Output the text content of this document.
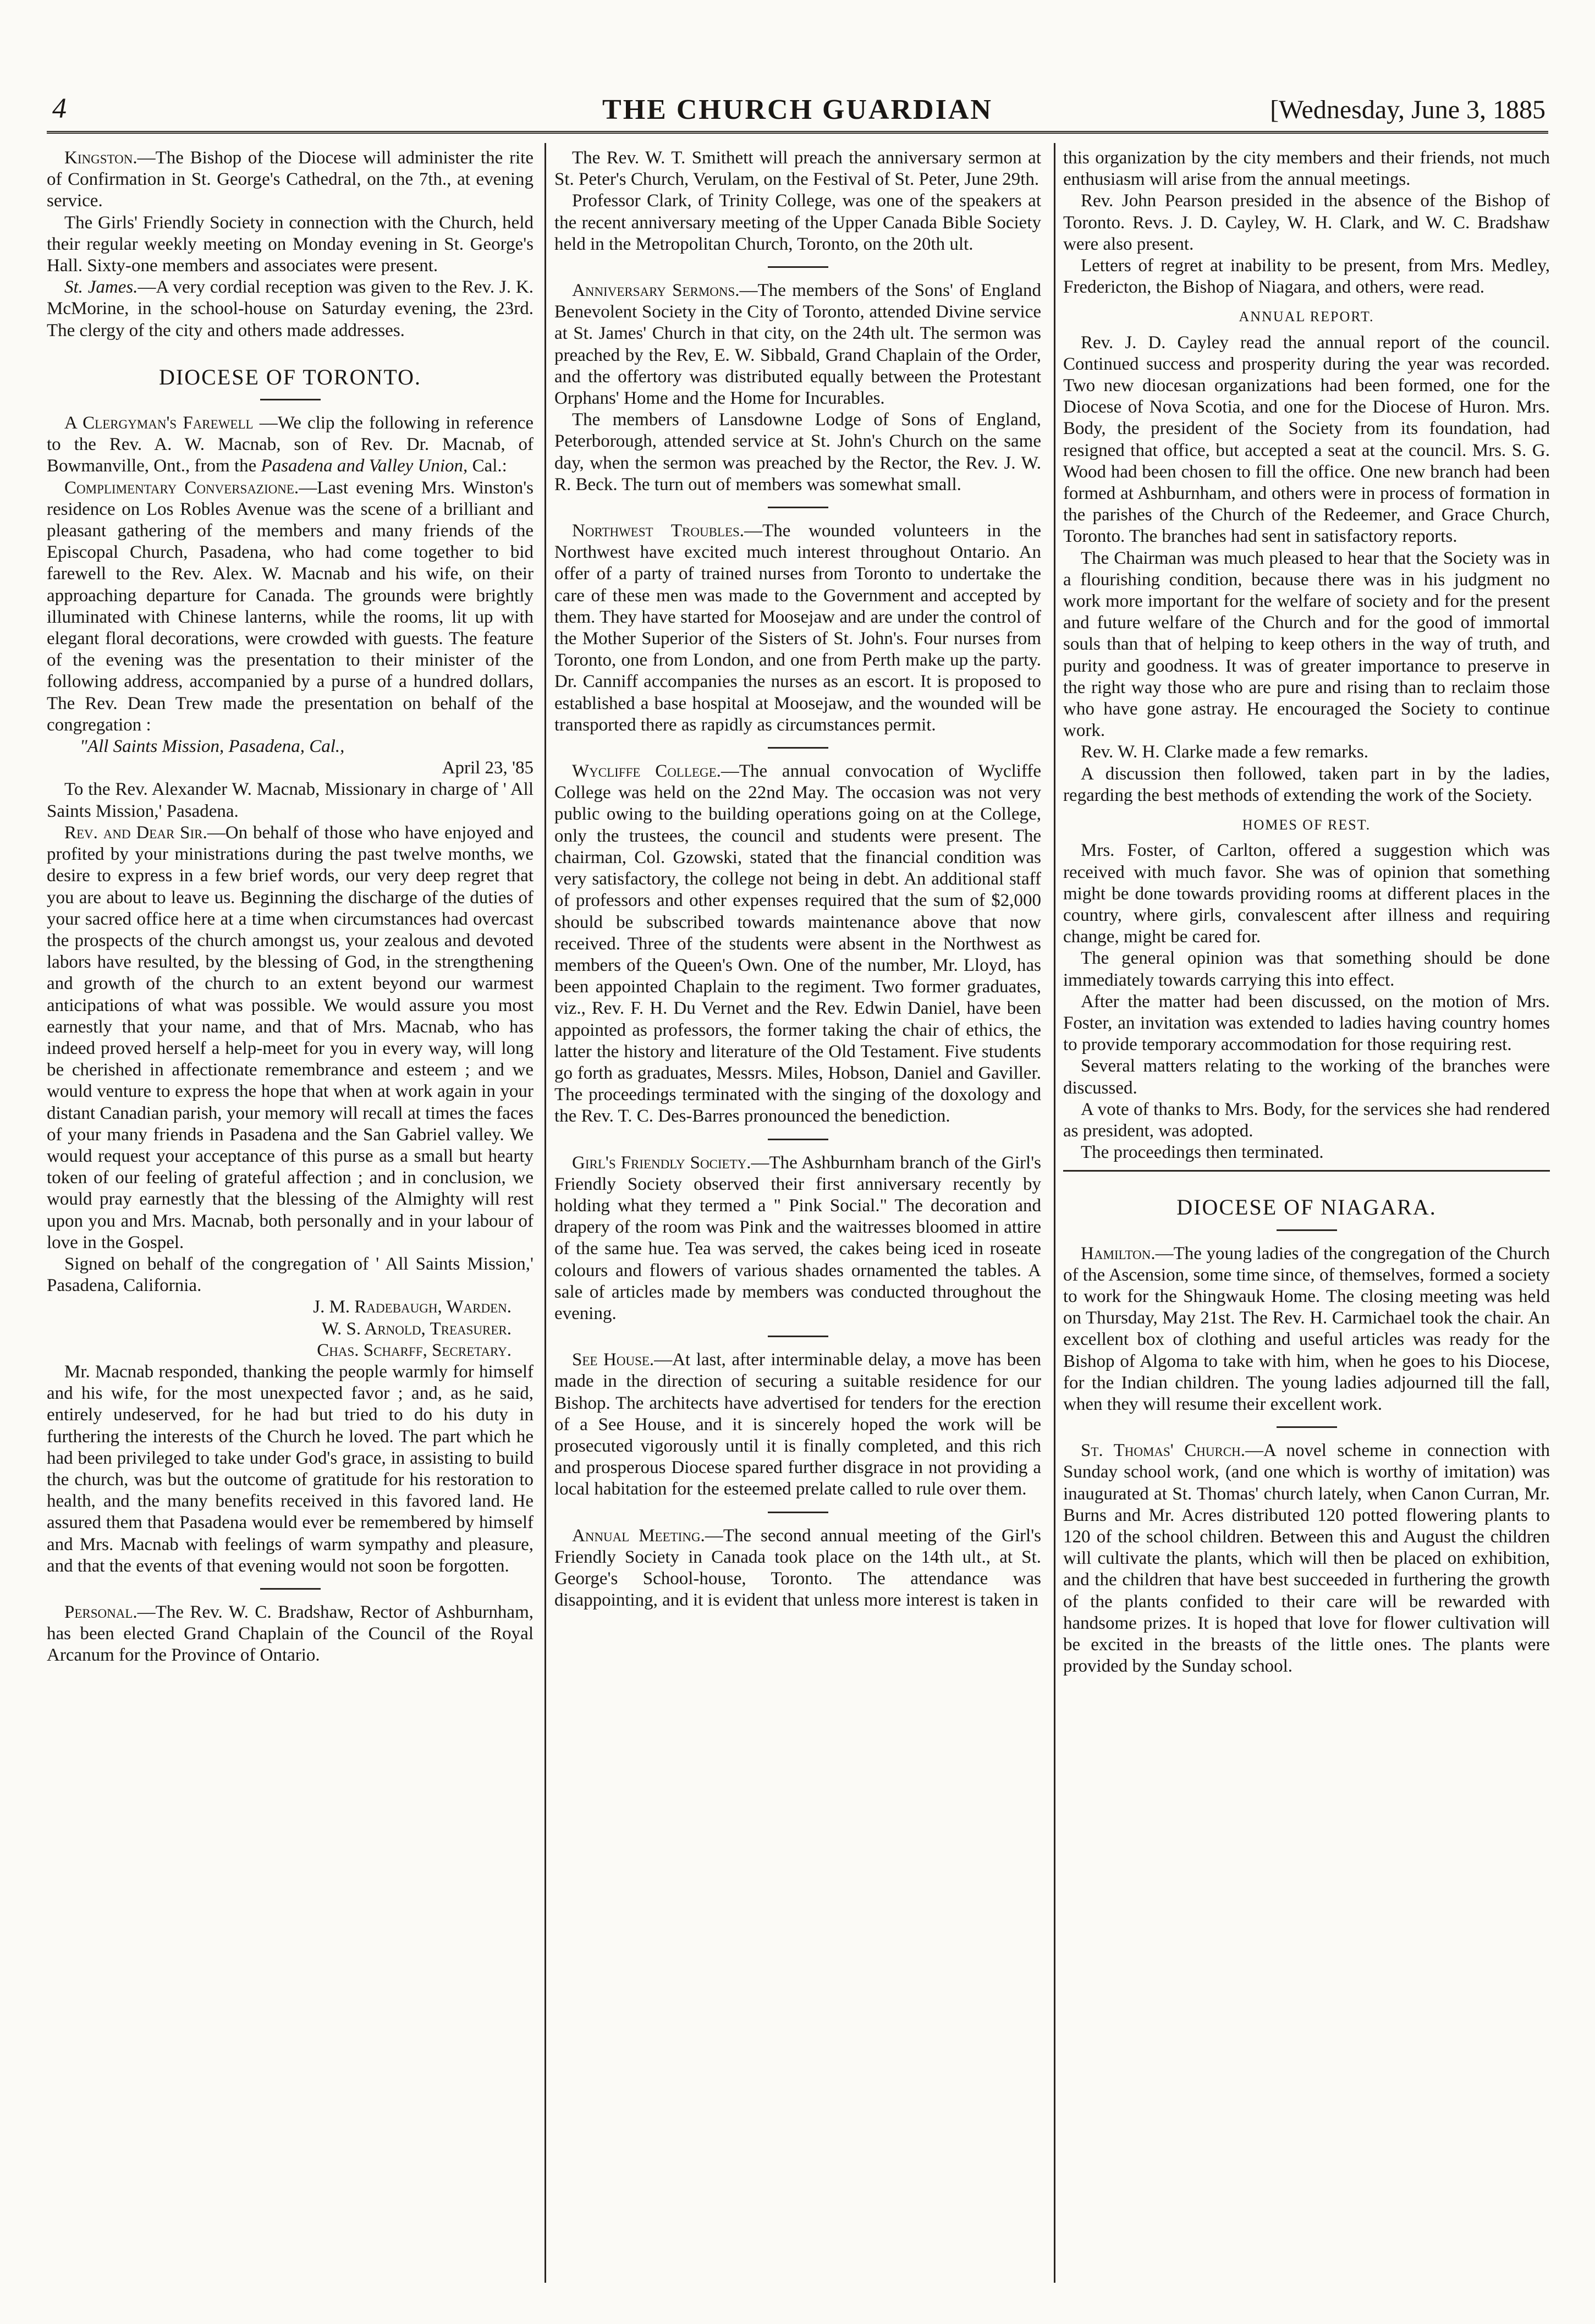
4	THE CHURCH GUARDIAN	[Wednesday, June 3, 1885

Kingston.—The Bishop of the Diocese will administer the rite of Confirmation in St. George's Cathedral, on the 7th., at evening service.

The Girls' Friendly Society in connection with the Church, held their regular weekly meeting on Monday evening in St. George's Hall. Sixty-one members and associates were present.

St. James.—A very cordial reception was given to the Rev. J. K. McMorine, in the school-house on Saturday evening, the 23rd. The clergy of the city and others made addresses.

DIOCESE OF TORONTO.

A Clergyman's Farewell —We clip the following in reference to the Rev. A. W. Macnab, son of Rev. Dr. Macnab, of Bowmanville, Ont., from the Pasadena and Valley Union, Cal.:

Complimentary Conversazione.—Last evening Mrs. Winston's residence on Los Robles Avenue was the scene of a brilliant and pleasant gathering of the members and many friends of the Episcopal Church, Pasadena, who had come together to bid farewell to the Rev. Alex. W. Macnab and his wife, on their approaching departure for Canada. The grounds were brightly illuminated with Chinese lanterns, while the rooms, lit up with elegant floral decorations, were crowded with guests. The feature of the evening was the presentation to their minister of the following address, accompanied by a purse of a hundred dollars, The Rev. Dean Trew made the presentation on behalf of the congregation :

"All Saints Mission, Pasadena, Cal.,

April 23, '85

To the Rev. Alexander W. Macnab, Missionary in charge of ' All Saints Mission,' Pasadena.

Rev. and Dear Sir.—On behalf of those who have enjoyed and profited by your ministrations during the past twelve months, we desire to express in a few brief words, our very deep regret that you are about to leave us. Beginning the discharge of the duties of your sacred office here at a time when circumstances had overcast the prospects of the church amongst us, your zealous and devoted labors have resulted, by the blessing of God, in the strengthening and growth of the church to an extent beyond our warmest anticipations of what was possible. We would assure you most earnestly that your name, and that of Mrs. Macnab, who has indeed proved herself a help-meet for you in every way, will long be cherished in affectionate remembrance and esteem ; and we would venture to express the hope that when at work again in your distant Canadian parish, your memory will recall at times the faces of your many friends in Pasadena and the San Gabriel valley. We would request your acceptance of this purse as a small but hearty token of our feeling of grateful affection ; and in conclusion, we would pray earnestly that the blessing of the Almighty will rest upon you and Mrs. Macnab, both personally and in your labour of love in the Gospel.

Signed on behalf of the congregation of ' All Saints Mission,' Pasadena, California.

J. M. Radebaugh, Warden.

W. S. Arnold, Treasurer.

Chas. Scharff, Secretary.

Mr. Macnab responded, thanking the people warmly for himself and his wife, for the most unexpected favor ; and, as he said, entirely undeserved, for he had but tried to do his duty in furthering the interests of the Church he loved. The part which he had been privileged to take under God's grace, in assisting to build the church, was but the outcome of gratitude for his restoration to health, and the many benefits received in this favored land. He assured them that Pasadena would ever be remembered by himself and Mrs. Macnab with feelings of warm sympathy and pleasure, and that the events of that evening would not soon be forgotten.

Personal.—The Rev. W. C. Bradshaw, Rector of Ashburnham, has been elected Grand Chaplain of the Council of the Royal Arcanum for the Province of Ontario.

The Rev. W. T. Smithett will preach the anniversary sermon at St. Peter's Church, Verulam, on the Festival of St. Peter, June 29th.

Professor Clark, of Trinity College, was one of the speakers at the recent anniversary meeting of the Upper Canada Bible Society held in the Metropolitan Church, Toronto, on the 20th ult.

Anniversary Sermons.—The members of the Sons' of England Benevolent Society in the City of Toronto, attended Divine service at St. James' Church in that city, on the 24th ult. The sermon was preached by the Rev, E. W. Sibbald, Grand Chaplain of the Order, and the offertory was distributed equally between the Protestant Orphans' Home and the Home for Incurables.

The members of Lansdowne Lodge of Sons of England, Peterborough, attended service at St. John's Church on the same day, when the sermon was preached by the Rector, the Rev. J. W. R. Beck. The turn out of members was somewhat small.

Northwest Troubles.—The wounded volunteers in the Northwest have excited much interest throughout Ontario. An offer of a party of trained nurses from Toronto to undertake the care of these men was made to the Government and accepted by them. They have started for Moosejaw and are under the control of the Mother Superior of the Sisters of St. John's. Four nurses from Toronto, one from London, and one from Perth make up the party. Dr. Canniff accompanies the nurses as an escort. It is proposed to established a base hospital at Moosejaw, and the wounded will be transported there as rapidly as circumstances permit.

Wycliffe College.—The annual convocation of Wycliffe College was held on the 22nd May. The occasion was not very public owing to the building operations going on at the College, only the trustees, the council and students were present. The chairman, Col. Gzowski, stated that the financial condition was very satisfactory, the college not being in debt. An additional staff of professors and other expenses required that the sum of $2,000 should be subscribed towards maintenance above that now received. Three of the students were absent in the Northwest as members of the Queen's Own. One of the number, Mr. Lloyd, has been appointed Chaplain to the regiment. Two former graduates, viz., Rev. F. H. Du Vernet and the Rev. Edwin Daniel, have been appointed as professors, the former taking the chair of ethics, the latter the history and literature of the Old Testament. Five students go forth as graduates, Messrs. Miles, Hobson, Daniel and Gaviller. The proceedings terminated with the singing of the doxology and the Rev. T. C. Des-Barres pronounced the benediction.

Girl's Friendly Society.—The Ashburnham branch of the Girl's Friendly Society observed their first anniversary recently by holding what they termed a " Pink Social." The decoration and drapery of the room was Pink and the waitresses bloomed in attire of the same hue. Tea was served, the cakes being iced in roseate colours and flowers of various shades ornamented the tables. A sale of articles made by members was conducted throughout the evening.

See House.—At last, after interminable delay, a move has been made in the direction of securing a suitable residence for our Bishop. The architects have advertised for tenders for the erection of a See House, and it is sincerely hoped the work will be prosecuted vigorously until it is finally completed, and this rich and prosperous Diocese spared further disgrace in not providing a local habitation for the esteemed prelate called to rule over them.

Annual Meeting.—The second annual meeting of the Girl's Friendly Society in Canada took place on the 14th ult., at St. George's School-house, Toronto. The attendance was disappointing, and it is evident that unless more interest is taken in

this organization by the city members and their friends, not much enthusiasm will arise from the annual meetings.

Rev. John Pearson presided in the absence of the Bishop of Toronto. Revs. J. D. Cayley, W. H. Clark, and W. C. Bradshaw were also present.

Letters of regret at inability to be present, from Mrs. Medley, Fredericton, the Bishop of Niagara, and others, were read.

ANNUAL REPORT.

Rev. J. D. Cayley read the annual report of the council. Continued success and prosperity during the year was recorded. Two new diocesan organizations had been formed, one for the Diocese of Nova Scotia, and one for the Diocese of Huron. Mrs. Body, the president of the Society from its foundation, had resigned that office, but accepted a seat at the council. Mrs. S. G. Wood had been chosen to fill the office. One new branch had been formed at Ashburnham, and others were in process of formation in the parishes of the Church of the Redeemer, and Grace Church, Toronto. The branches had sent in satisfactory reports.

The Chairman was much pleased to hear that the Society was in a flourishing condition, because there was in his judgment no work more important for the welfare of society and for the present and future welfare of the Church and for the good of immortal souls than that of helping to keep others in the way of truth, and purity and goodness. It was of greater importance to preserve in the right way those who are pure and rising than to reclaim those who have gone astray. He encouraged the Society to continue work.

Rev. W. H. Clarke made a few remarks.

A discussion then followed, taken part in by the ladies, regarding the best methods of extending the work of the Society.

HOMES OF REST.

Mrs. Foster, of Carlton, offered a suggestion which was received with much favor. She was of opinion that something might be done towards providing rooms at different places in the country, where girls, convalescent after illness and requiring change, might be cared for.

The general opinion was that something should be done immediately towards carrying this into effect.

After the matter had been discussed, on the motion of Mrs. Foster, an invitation was extended to ladies having country homes to provide temporary accommodation for those requiring rest.

Several matters relating to the working of the branches were discussed.

A vote of thanks to Mrs. Body, for the services she had rendered as president, was adopted.

The proceedings then terminated.

DIOCESE OF NIAGARA.

Hamilton.—The young ladies of the congregation of the Church of the Ascension, some time since, of themselves, formed a society to work for the Shingwauk Home. The closing meeting was held on Thursday, May 21st. The Rev. H. Carmichael took the chair. An excellent box of clothing and useful articles was ready for the Bishop of Algoma to take with him, when he goes to his Diocese, for the Indian children. The young ladies adjourned till the fall, when they will resume their excellent work.

St. Thomas' Church.—A novel scheme in connection with Sunday school work, (and one which is worthy of imitation) was inaugurated at St. Thomas' church lately, when Canon Curran, Mr. Burns and Mr. Acres distributed 120 potted flowering plants to 120 of the school children. Between this and August the children will cultivate the plants, which will then be placed on exhibition, and the children that have best succeeded in furthering the growth of the plants confided to their care will be rewarded with handsome prizes. It is hoped that love for flower cultivation will be excited in the breasts of the little ones. The plants were provided by the Sunday school.
